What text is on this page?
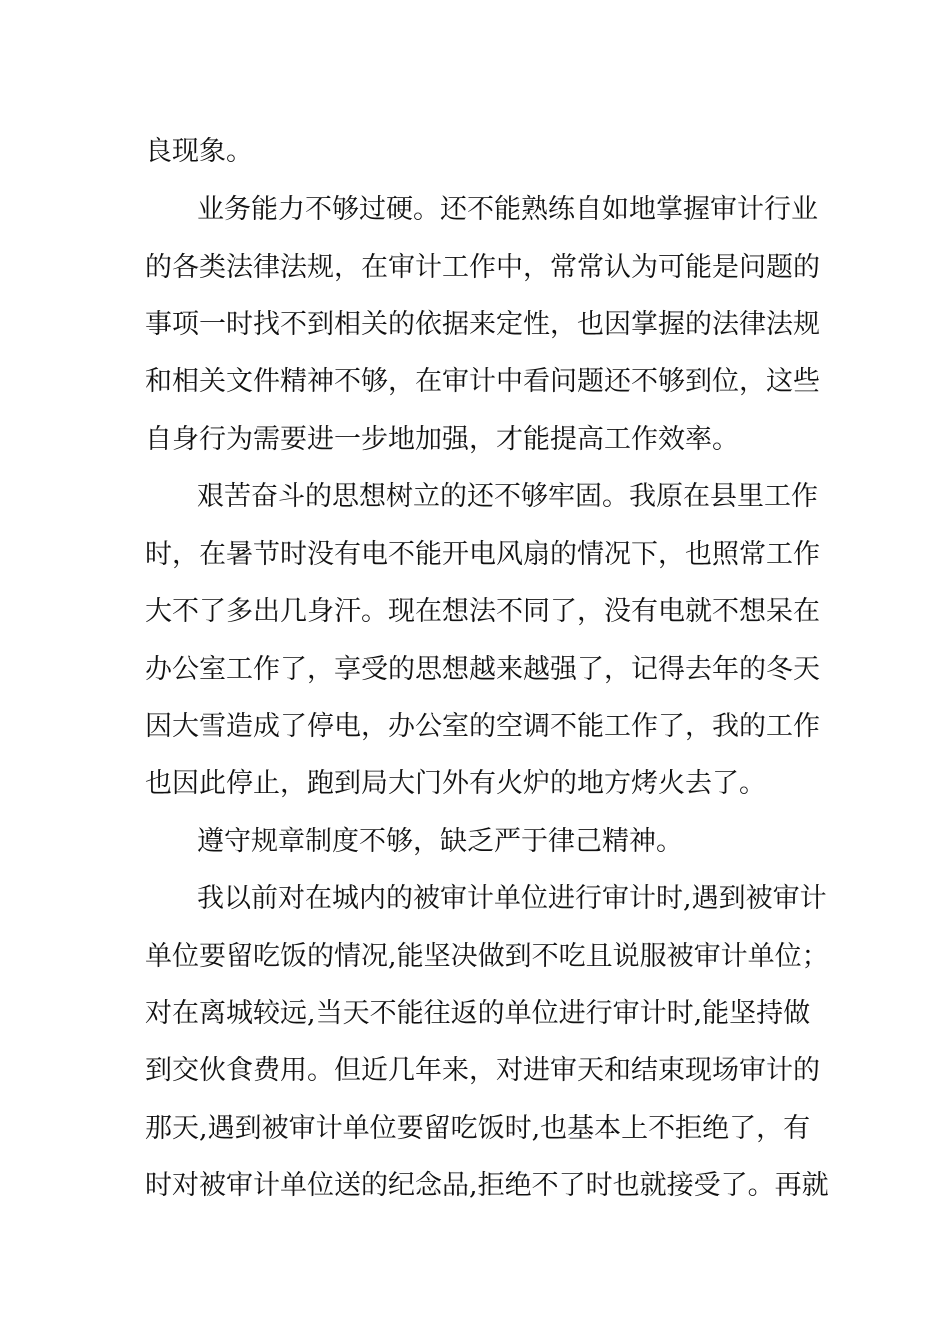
良现象。
业务能力不够过硬。还不能熟练自如地掌握审计行业
的各类法律法规，在审计工作中，常常认为可能是问题的
事项一时找不到相关的依据来定性，也因掌握的法律法规
和相关文件精神不够，在审计中看问题还不够到位，这些
自身行为需要进一步地加强，才能提高工作效率。
艰苦奋斗的思想树立的还不够牢固。我原在县里工作
时，在暑节时没有电不能开电风扇的情况下，也照常工作
大不了多出几身汗。现在想法不同了，没有电就不想呆在
办公室工作了，享受的思想越来越强了，记得去年的冬天
因大雪造成了停电，办公室的空调不能工作了，我的工作
也因此停止，跑到局大门外有火炉的地方烤火去了。
遵守规章制度不够，缺乏严于律己精神。
我以前对在城内的被审计单位进行审计时,遇到被审计
单位要留吃饭的情况,能坚决做到不吃且说服被审计单位；
对在离城较远,当天不能往返的单位进行审计时,能坚持做
到交伙食费用。但近几年来，对进审天和结束现场审计的
那天,遇到被审计单位要留吃饭时,也基本上不拒绝了，有
时对被审计单位送的纪念品,拒绝不了时也就接受了。再就
